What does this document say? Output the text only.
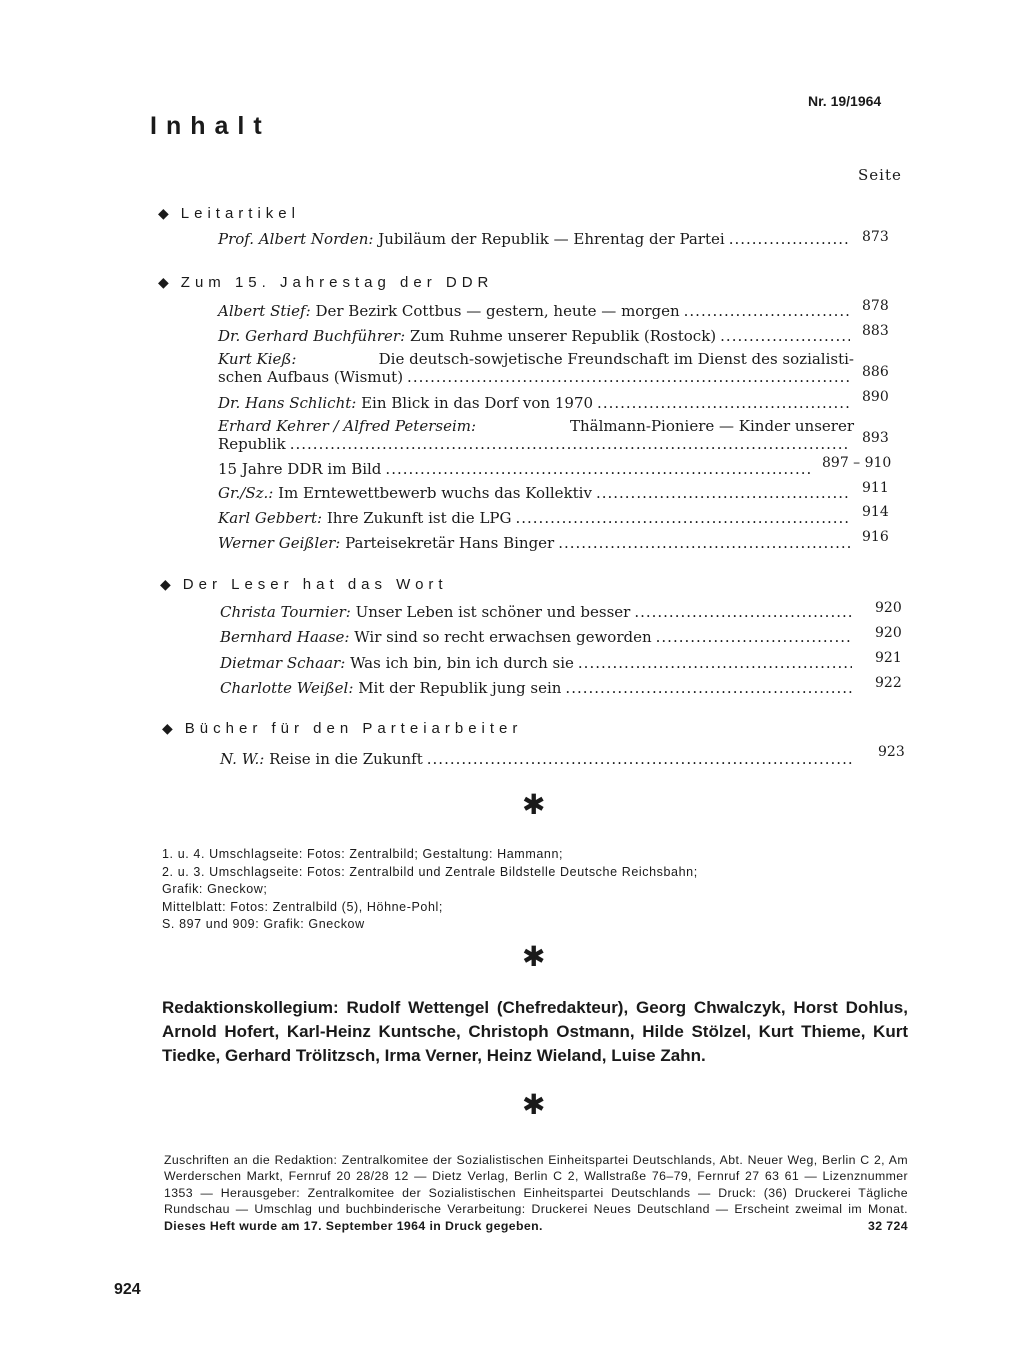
Inhalt
Nr. 19/1964
Seite
◆ Leitartikel
Prof. Albert Norden: Jubiläum der Republik — Ehrentag der Partei .....	873
◆ Zum 15. Jahrestag der DDR
Albert Stief: Der Bezirk Cottbus — gestern, heute — morgen .....	878
Dr. Gerhard Buchführer: Zum Ruhme unserer Republik (Rostock) .....	883
Kurt Kieß:	Die deutsch-sowjetische Freundschaft im Dienst des sozialisti-
schen Aufbaus (Wismut) .....	886
Dr. Hans Schlicht: Ein Blick in das Dorf von 1970 .....	890
Erhard Kehrer / Alfred Peterseim:	Thälmann-Pioniere — Kinder unserer
Republik .....	893
15 Jahre DDR im Bild .....	897 – 910
Gr./Sz.: Im Erntewettbewerb wuchs das Kollektiv .....	911
Karl Gebbert: Ihre Zukunft ist die LPG .....	914
Werner Geißler: Parteisekretär Hans Binger .....	916
◆ Der Leser hat das Wort
Christa Tournier: Unser Leben ist schöner und besser .....	920
Bernhard Haase: Wir sind so recht erwachsen geworden .....	920
Dietmar Schaar: Was ich bin, bin ich durch sie .....	921
Charlotte Weißel: Mit der Republik jung sein .....	922
◆ Bücher für den Parteiarbeiter
N. W.: Reise in die Zukunft .....	923
✱
1. u. 4. Umschlagseite: Fotos: Zentralbild; Gestaltung: Hammann;
2. u. 3. Umschlagseite: Fotos: Zentralbild und Zentrale Bildstelle Deutsche Reichsbahn;
Grafik: Gneckow;
Mittelblatt: Fotos: Zentralbild (5), Höhne-Pohl;
S. 897 und 909: Grafik: Gneckow
✱
Redaktionskollegium: Rudolf Wettengel (Chefredakteur), Georg Chwalczyk, Horst Dohlus, Arnold Hofert, Karl-Heinz Kuntsche, Christoph Ostmann, Hilde Stölzel, Kurt Thieme, Kurt Tiedke, Gerhard Trölitzsch, Irma Verner, Heinz Wieland, Luise Zahn.
✱
Zuschriften an die Redaktion: Zentralkomitee der Sozialistischen Einheitspartei Deutschlands, Abt. Neuer Weg, Berlin C 2, Am Werderschen Markt, Fernruf 20 28/28 12 — Dietz Verlag, Berlin C 2, Wallstraße 76–79, Fernruf 27 63 61 — Lizenznummer 1353 — Herausgeber: Zentralkomitee der Sozialistischen Einheitspartei Deutschlands — Druck: (36) Druckerei Tägliche Rundschau — Umschlag und buchbinderische Verarbeitung: Druckerei Neues Deutschland — Erscheint zweimal im Monat. Dieses Heft wurde am 17. September 1964 in Druck gegeben.	32 724
924
